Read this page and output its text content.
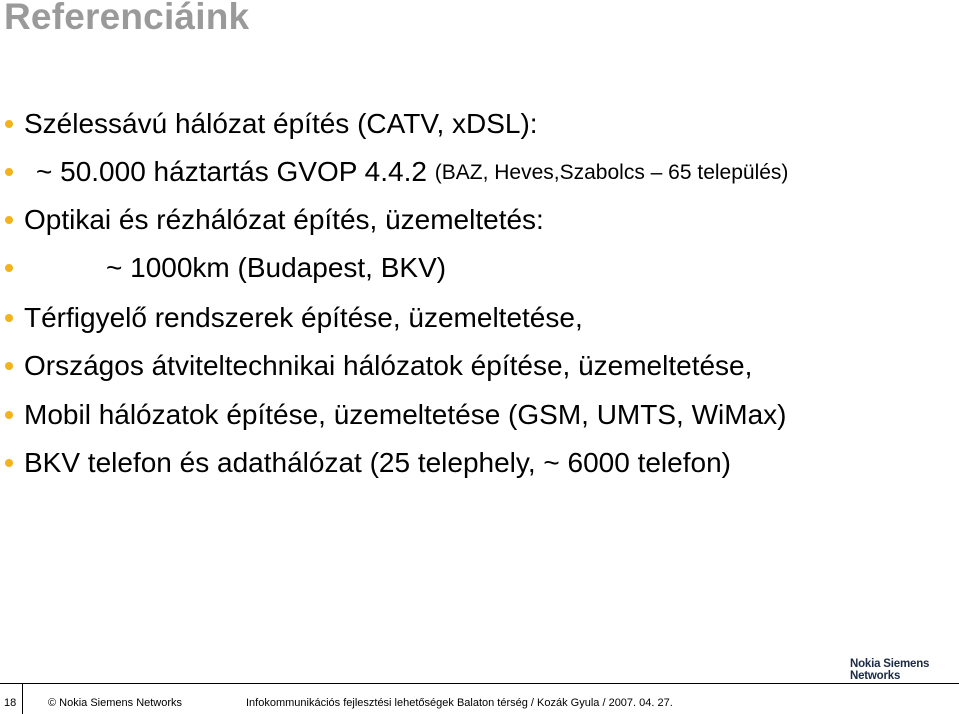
Referenciáink
Szélessávú hálózat építés (CATV, xDSL):
~ 50.000 háztartás GVOP 4.4.2 (BAZ, Heves,Szabolcs – 65 település)
Optikai és rézhálózat építés, üzemeltetés:
~ 1000km (Budapest, BKV)
Térfigyelő rendszerek építése, üzemeltetése,
Országos átviteltechnikai hálózatok építése, üzemeltetése,
Mobil hálózatok építése, üzemeltetése (GSM, UMTS, WiMax)
BKV telefon és adathálózat (25 telephely, ~ 6000 telefon)
Nokia Siemens
Networks
18	© Nokia Siemens Networks	Infokommunikációs fejlesztési lehetőségek Balaton térség / Kozák Gyula / 2007. 04. 27.
